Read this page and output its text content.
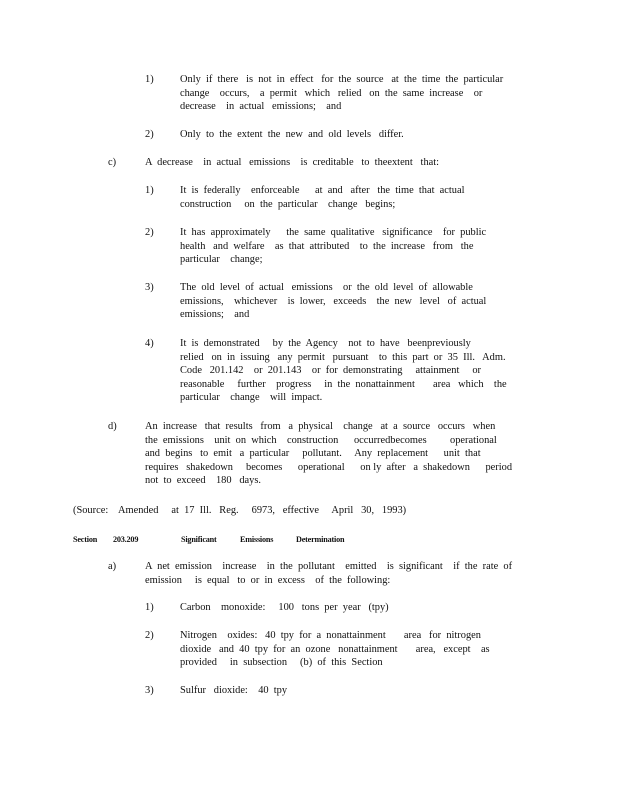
1)	Only  if  there   is  not  in  effect   for  the  source   at  the  time  the  particular
change    occurs,    a  permit   which   relied   on  the  same  increase    or
decrease    in  actual   emissions;    and
2)	Only  to  the  extent  the  new  and  old  levels   differ.
c)	A  decrease    in  actual   emissions    is  creditable   to  theextent   that:
1)	It  is  federally    enforceable      at  and   after   the  time  that  actual
construction     on  the  particular    change   begins;
2)	It  has  approximately      the  same  qualitative   significance    for  public
health   and  welfare    as  that  attributed    to  the  increase   from   the
particular    change;
3)	The  old  level  of  actual   emissions    or  the  old  level  of  allowable
emissions,    whichever    is  lower,   exceeds    the  new   level   of  actual
emissions;    and
4)	It  is  demonstrated     by  the  Agency    not  to  have   beenpreviously
relied   on  in  issuing   any  permit   pursuant    to  this  part  or  35  Ill.   Adm.
Code   201.142    or  201.143    or  for  demonstrating     attainment     or
reasonable     further    progress     in  the  nonattainment       area   which    the
particular    change    will  impact.
d)	An  increase   that  results   from   a  physical    change   at  a  source   occurs   when
the  emissions    unit  on  which    construction      occurredbecomes         operational
and  begins   to  emit   a  particular     pollutant.     Any  replacement      unit  that
requires   shakedown     becomes      operational      on ly  after   a  shakedown      period
not  to  exceed    180   days.
(Source:    Amended     at  17  Ill.   Reg.     6973,   effective     April   30,   1993)
Section 203.209	Significant	Emissions	Determination
a)	A  net  emission    increase    in  the  pollutant    emitted    is  significant    if  the  rate  of
emission     is  equal   to  or  in  excess    of  the  following:
1)	Carbon    monoxide:     100   tons  per  year   (tpy)
2)	Nitrogen    oxides:   40  tpy  for  a  nonattainment       area   for  nitrogen
dioxide   and  40  tpy  for  an  ozone   nonattainment       area,   except    as
provided     in  subsection     (b)  of  this  Section
3)	Sulfur   dioxide:    40  tpy
